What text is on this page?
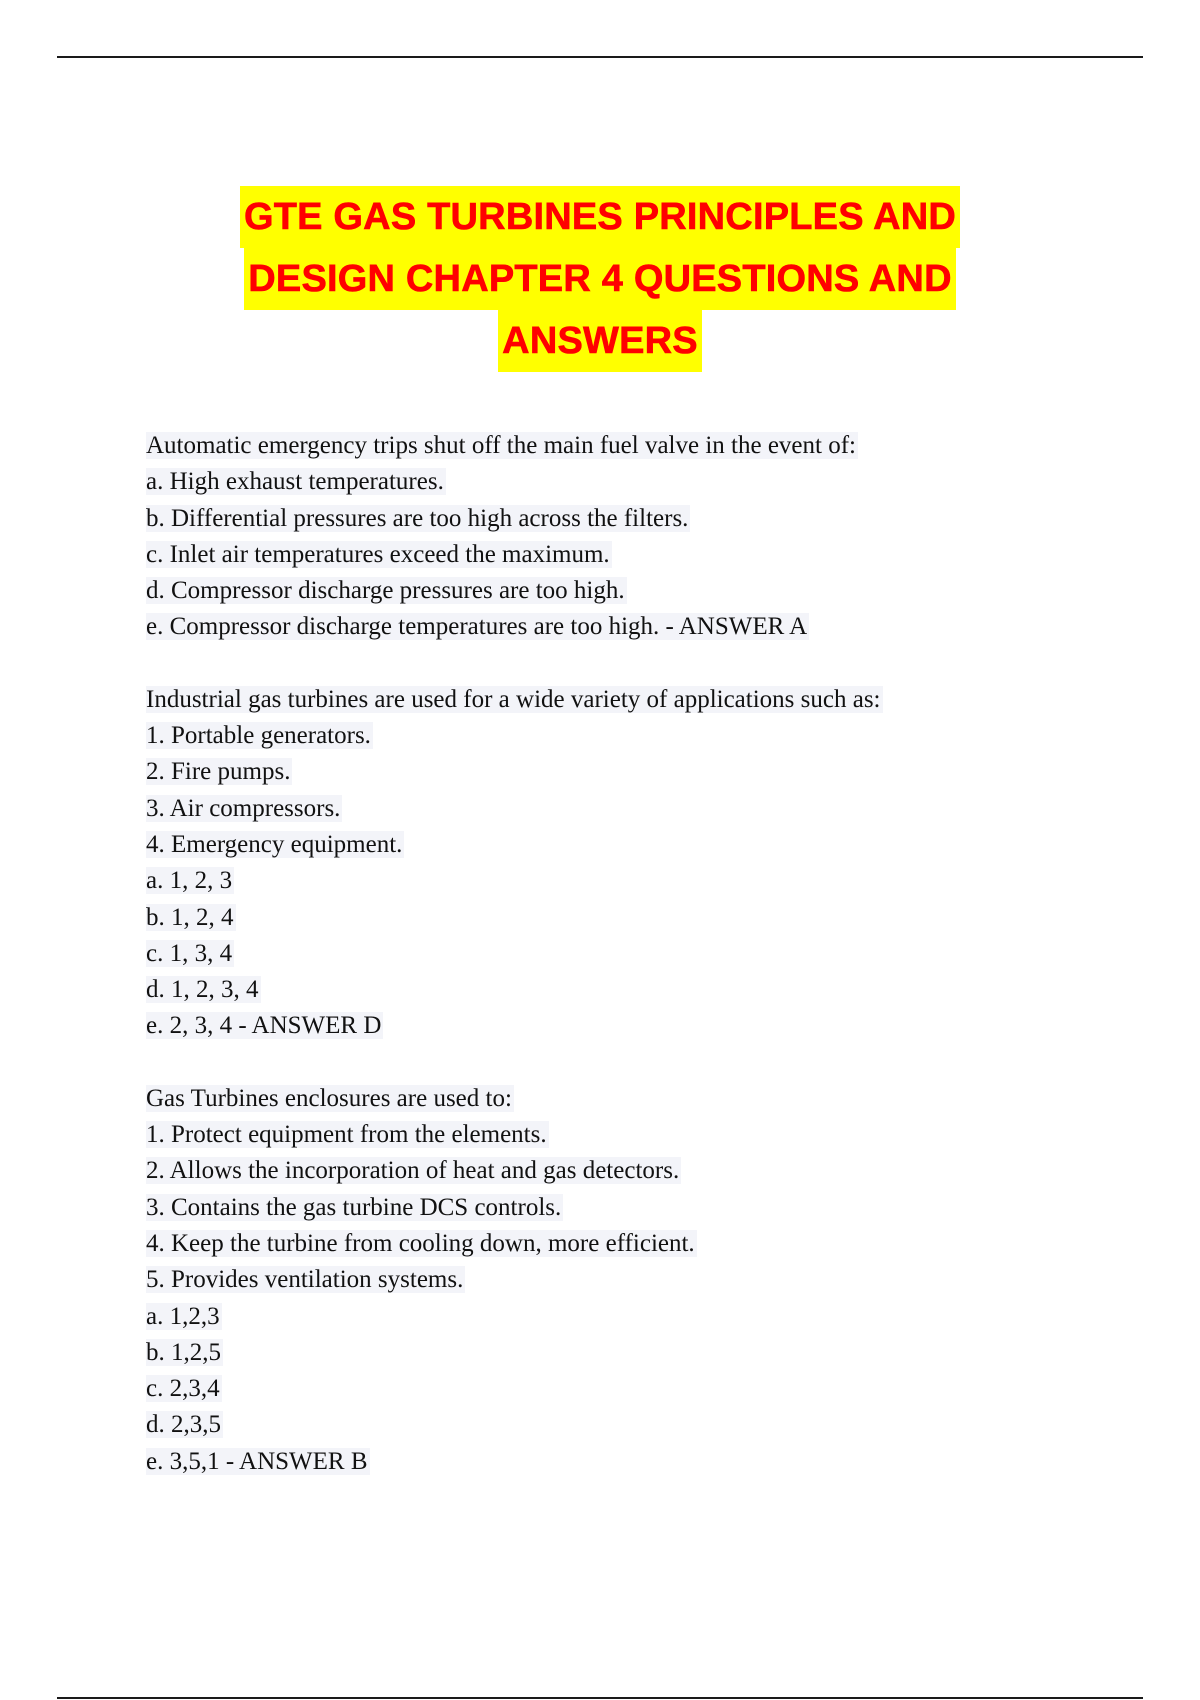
GTE GAS TURBINES PRINCIPLES AND
DESIGN CHAPTER 4 QUESTIONS AND
ANSWERS
Automatic emergency trips shut off the main fuel valve in the event of:
a. High exhaust temperatures.
b. Differential pressures are too high across the filters.
c. Inlet air temperatures exceed the maximum.
d. Compressor discharge pressures are too high.
e. Compressor discharge temperatures are too high. - ANSWER A
Industrial gas turbines are used for a wide variety of applications such as:
1. Portable generators.
2. Fire pumps.
3. Air compressors.
4. Emergency equipment.
a. 1, 2, 3
b. 1, 2, 4
c. 1, 3, 4
d. 1, 2, 3, 4
e. 2, 3, 4 - ANSWER D
Gas Turbines enclosures are used to:
1. Protect equipment from the elements.
2. Allows the incorporation of heat and gas detectors.
3. Contains the gas turbine DCS controls.
4. Keep the turbine from cooling down, more efficient.
5. Provides ventilation systems.
a. 1,2,3
b. 1,2,5
c. 2,3,4
d. 2,3,5
e. 3,5,1 - ANSWER B
